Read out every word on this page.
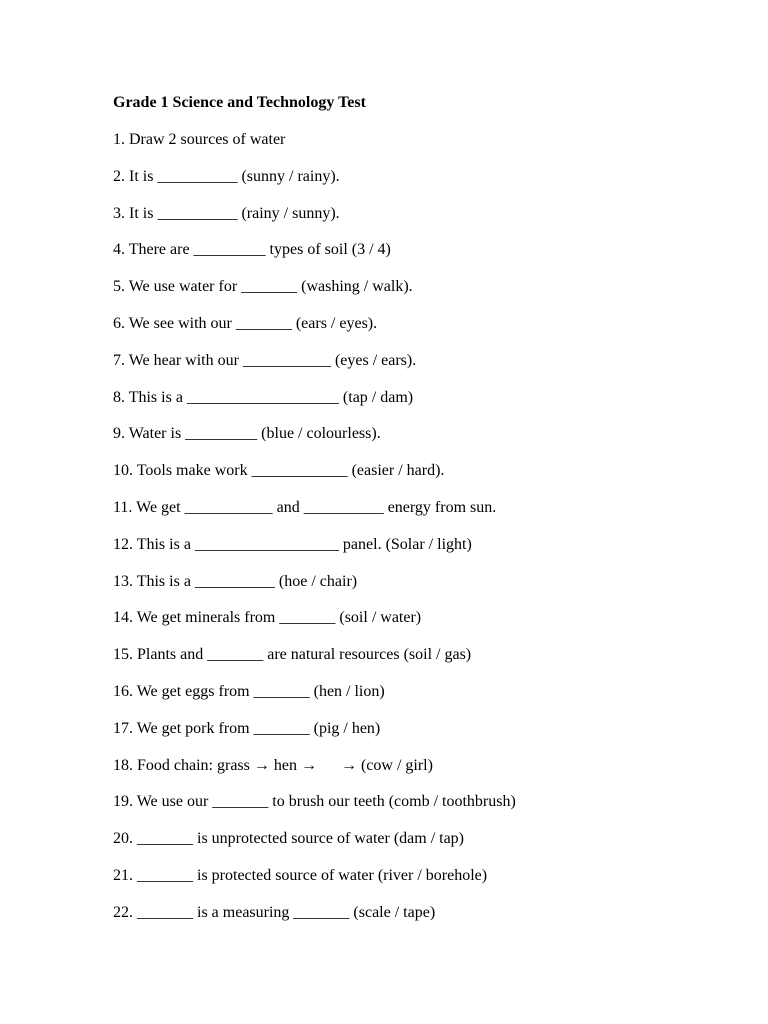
Grade 1 Science and Technology Test
1. Draw 2 sources of water
2. It is __________ (sunny / rainy).
3. It is __________ (rainy / sunny).
4. There are _________ types of soil (3 / 4)
5. We use water for _______ (washing / walk).
6. We see with our _______ (ears / eyes).
7. We hear with our ___________ (eyes / ears).
8. This is a ___________________ (tap / dam)
9. Water is _________ (blue / colourless).
10. Tools make work ____________ (easier / hard).
11. We get ___________ and __________ energy from sun.
12. This is a __________________ panel. (Solar / light)
13. This is a __________ (hoe / chair)
14. We get minerals from _______ (soil / water)
15. Plants and _______ are natural resources (soil / gas)
16. We get eggs from _______ (hen / lion)
17. We get pork from _______ (pig / hen)
18. Food chain: grass → hen →      → (cow / girl)
19. We use our _______ to brush our teeth (comb / toothbrush)
20. _______ is unprotected source of water (dam / tap)
21. _______ is protected source of water (river / borehole)
22. _______ is a measuring _______ (scale / tape)
